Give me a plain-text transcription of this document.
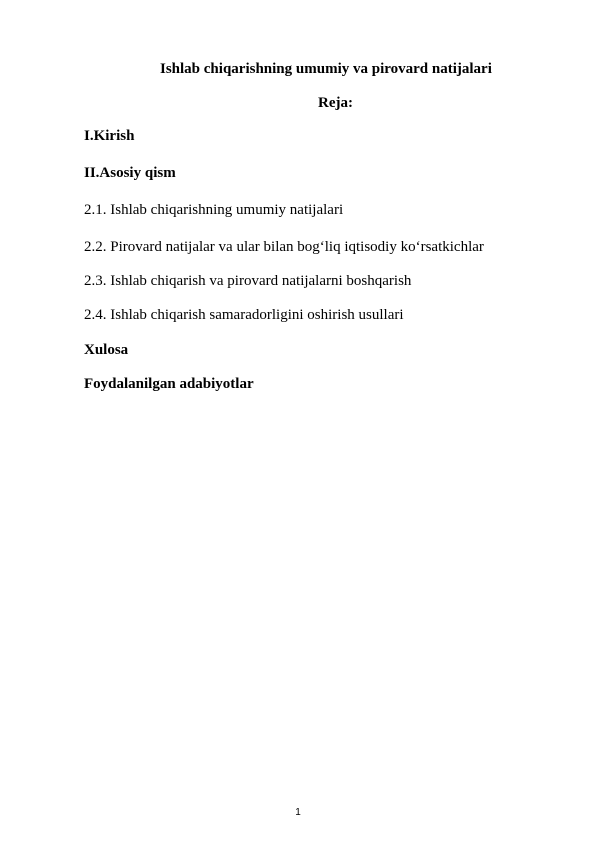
Ishlab chiqarishning umumiy va pirovard natijalari
Reja:
I.Kirish
II.Asosiy qism
2.1. Ishlab chiqarishning umumiy natijalari
2.2. Pirovard natijalar va ular bilan bog‘liq iqtisodiy ko‘rsatkichlar
2.3. Ishlab chiqarish va pirovard natijalarni boshqarish
2.4. Ishlab chiqarish samaradorligini oshirish usullari
Xulosa
Foydalanilgan adabiyotlar
1
